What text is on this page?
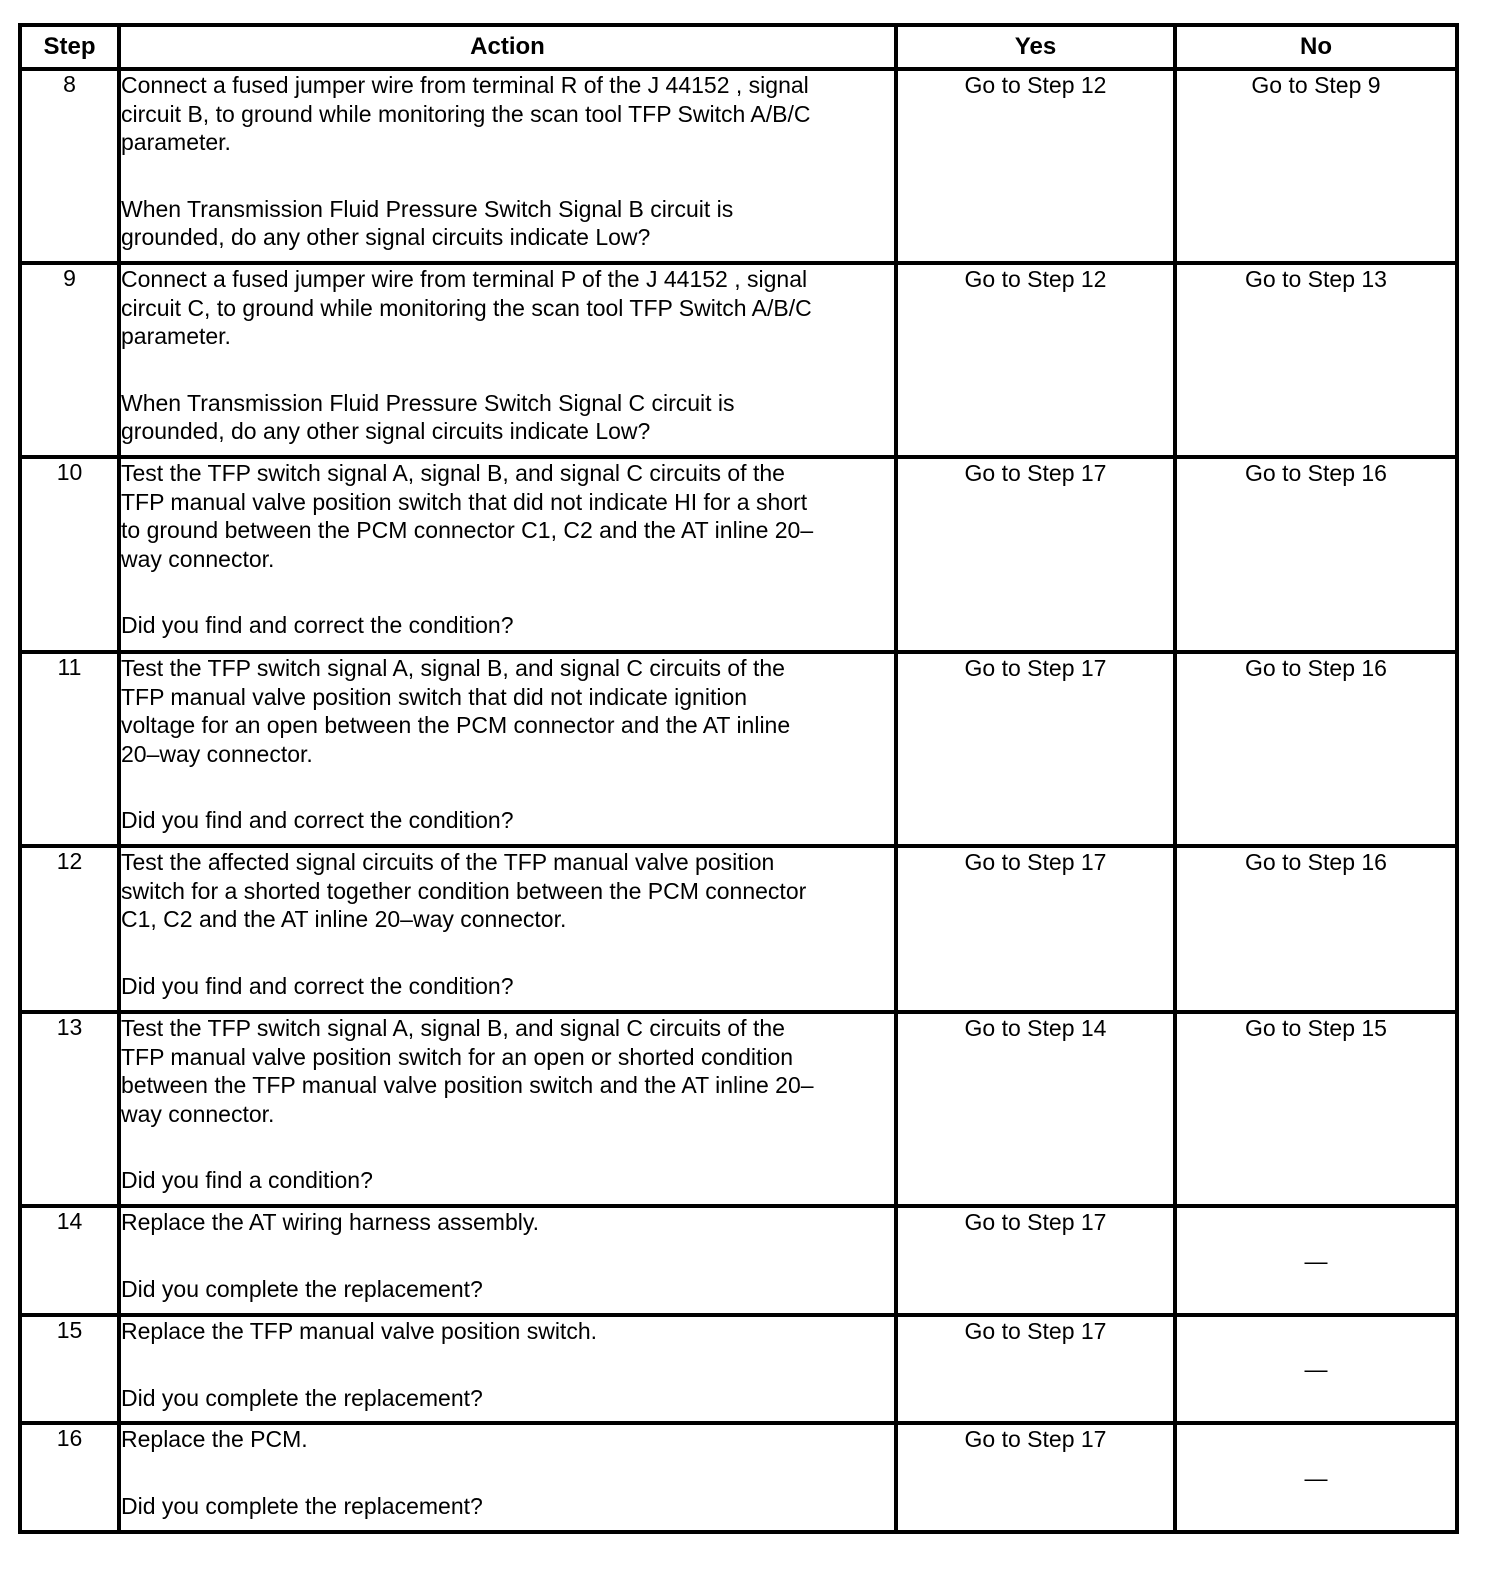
Step	Action	Yes	No
8	Connect a fused jumper wire from terminal R of the J 44152 , signal
circuit B, to ground while monitoring the scan tool TFP Switch A/B/C
parameter.
When Transmission Fluid Pressure Switch Signal B circuit is
grounded, do any other signal circuits indicate Low?	Go to Step 12	Go to Step 9
9	Connect a fused jumper wire from terminal P of the J 44152 , signal
circuit C, to ground while monitoring the scan tool TFP Switch A/B/C
parameter.
When Transmission Fluid Pressure Switch Signal C circuit is
grounded, do any other signal circuits indicate Low?	Go to Step 12	Go to Step 13
10	Test the TFP switch signal A, signal B, and signal C circuits of the
TFP manual valve position switch that did not indicate HI for a short
to ground between the PCM connector C1, C2 and the AT inline 20–
way connector.
Did you find and correct the condition?	Go to Step 17	Go to Step 16
11	Test the TFP switch signal A, signal B, and signal C circuits of the
TFP manual valve position switch that did not indicate ignition
voltage for an open between the PCM connector and the AT inline
20–way connector.
Did you find and correct the condition?	Go to Step 17	Go to Step 16
12	Test the affected signal circuits of the TFP manual valve position
switch for a shorted together condition between the PCM connector
C1, C2 and the AT inline 20–way connector.
Did you find and correct the condition?	Go to Step 17	Go to Step 16
13	Test the TFP switch signal A, signal B, and signal C circuits of the
TFP manual valve position switch for an open or shorted condition
between the TFP manual valve position switch and the AT inline 20–
way connector.
Did you find a condition?	Go to Step 14	Go to Step 15
14	Replace the AT wiring harness assembly.
Did you complete the replacement?	Go to Step 17	—
15	Replace the TFP manual valve position switch.
Did you complete the replacement?	Go to Step 17	—
16	Replace the PCM.
Did you complete the replacement?	Go to Step 17	—
